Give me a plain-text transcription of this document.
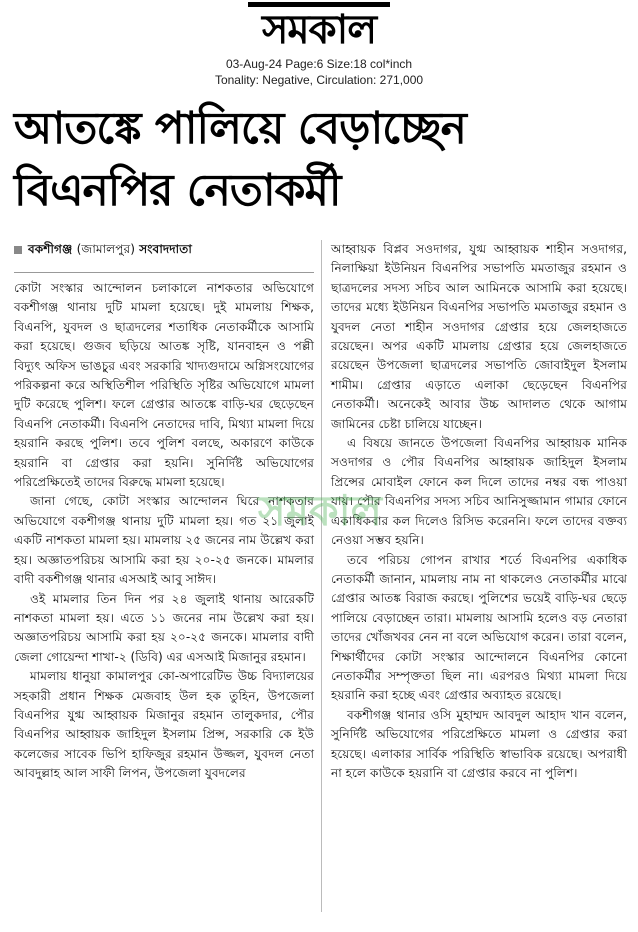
সমকাল
03-Aug-24 Page:6 Size:18 col*inch
Tonality: Negative, Circulation: 271,000
আতঙ্কে পালিয়ে বেড়াচ্ছেন
বিএনপির নেতাকর্মী
বকশীগঞ্জ (জামালপুর) সংবাদদাতা

কোটা সংস্কার আন্দোলন চলাকালে নাশকতার অভিযোগে বকশীগঞ্জ থানায় দুটি মামলা হয়েছে। দুই মামলায় শিক্ষক, বিএনপি, যুবদল ও ছাত্রদলের শতাধিক নেতাকর্মীকে আসামি করা হয়েছে। গুজব ছড়িয়ে আতঙ্ক সৃষ্টি, যানবাহন ও পল্লী বিদ্যুৎ অফিস ভাঙচুর এবং সরকারি খাদ্যগুদামে অগ্নিসংযোগের পরিকল্পনা করে অস্থিতিশীল পরিস্থিতি সৃষ্টির অভিযোগে মামলা দুটি করেছে পুলিশ। ফলে গ্রেপ্তার আতঙ্কে বাড়ি-ঘর ছেড়েছেন বিএনপি নেতাকর্মী। বিএনপি নেতাদের দাবি, মিথ্যা মামলা দিয়ে হয়রানি করছে পুলিশ। তবে পুলিশ বলছে, অকারণে কাউকে হয়রানি বা গ্রেপ্তার করা হয়নি। সুনির্দিষ্ট অভিযোগের পরিপ্রেক্ষিতেই তাদের বিরুদ্ধে মামলা হয়েছে।

জানা গেছে, কোটা সংস্কার আন্দোলন ঘিরে নাশকতার অভিযোগে বকশীগঞ্জ থানায় দুটি মামলা হয়। গত ২১ জুলাই একটি নাশকতা মামলা হয়। মামলায় ২৫ জনের নাম উল্লেখ করা হয়। অজ্ঞাতপরিচয় আসামি করা হয় ২০-২৫ জনকে। মামলার বাদী বকশীগঞ্জ থানার এসআই আবু সাঈদ।

ওই মামলার তিন দিন পর ২৪ জুলাই থানায় আরেকটি নাশকতা মামলা হয়। এতে ১১ জনের নাম উল্লেখ করা হয়। অজ্ঞাতপরিচয় আসামি করা হয় ২০-২৫ জনকে। মামলার বাদী জেলা গোয়েন্দা শাখা-২ (ডিবি) এর এসআই মিজানুর রহমান।

মামলায় ধানুয়া কামালপুর কো-অপারেটিভ উচ্চ বিদ্যালয়ের সহকারী প্রধান শিক্ষক মেজবাহ উল হক তুহিন, উপজেলা বিএনপির যুগ্ম আহ্বায়ক মিজানুর রহমান তালুকদার, পৌর বিএনপির আহ্বায়ক জাহিদুল ইসলাম প্রিন্স, সরকারি কে ইউ কলেজের সাবেক ভিপি হাফিজুর রহমান উজ্জল, যুবদল নেতা আবদুল্লাহ আল সাফী লিপন, উপজেলা যুবদলের

আহ্বায়ক বিপ্লব সওদাগর, যুগ্ম আহ্বায়ক শাহীন সওদাগর, নিলাক্ষিয়া ইউনিয়ন বিএনপির সভাপতি মমতাজুর রহমান ও ছাত্রদলের সদস্য সচিব আল আমিনকে আসামি করা হয়েছে। তাদের মধ্যে ইউনিয়ন বিএনপির সভাপতি মমতাজুর রহমান ও যুবদল নেতা শাহীন সওদাগর গ্রেপ্তার হয়ে জেলহাজতে রয়েছেন। অপর একটি মামলায় গ্রেপ্তার হয়ে জেলহাজতে রয়েছেন উপজেলা ছাত্রদলের সভাপতি জোবাইদুল ইসলাম শামীম। গ্রেপ্তার এড়াতে এলাকা ছেড়েছেন বিএনপির নেতাকর্মী। অনেকেই আবার উচ্চ আদালত থেকে আগাম জামিনের চেষ্টা চালিয়ে যাচ্ছেন।

এ বিষয়ে জানতে উপজেলা বিএনপির আহ্বায়ক মানিক সওদাগর ও পৌর বিএনপির আহ্বায়ক জাহিদুল ইসলাম প্রিন্সের মোবাইল ফোনে কল দিলে তাদের নম্বর বন্ধ পাওয়া যায়। পৌর বিএনপির সদস্য সচিব আনিসুজ্জামান গামার ফোনে একাধিকবার কল দিলেও রিসিভ করেননি। ফলে তাদের বক্তব্য নেওয়া সম্ভব হয়নি।

তবে পরিচয় গোপন রাখার শর্তে বিএনপির একাধিক নেতাকর্মী জানান, মামলায় নাম না থাকলেও নেতাকর্মীর মাঝে গ্রেপ্তার আতঙ্ক বিরাজ করছে। পুলিশের ভয়েই বাড়ি-ঘর ছেড়ে পালিয়ে বেড়াচ্ছেন তারা। মামলায় আসামি হলেও বড় নেতারা তাদের খোঁজখবর নেন না বলে অভিযোগ করেন। তারা বলেন, শিক্ষার্থীদের কোটা সংস্কার আন্দোলনে বিএনপির কোনো নেতাকর্মীর সম্পৃক্ততা ছিল না। এরপরও মিথ্যা মামলা দিয়ে হয়রানি করা হচ্ছে এবং গ্রেপ্তার অব্যাহত রয়েছে।

বকশীগঞ্জ থানার ওসি মুহাম্মদ আবদুল আহাদ খান বলেন, সুনির্দিষ্ট অভিযোগের পরিপ্রেক্ষিতে মামলা ও গ্রেপ্তার করা হয়েছে। এলাকার সার্বিক পরিস্থিতি স্বাভাবিক রয়েছে। অপরাধী না হলে কাউকে হয়রানি বা গ্রেপ্তার করবে না পুলিশ।

সমকাল
